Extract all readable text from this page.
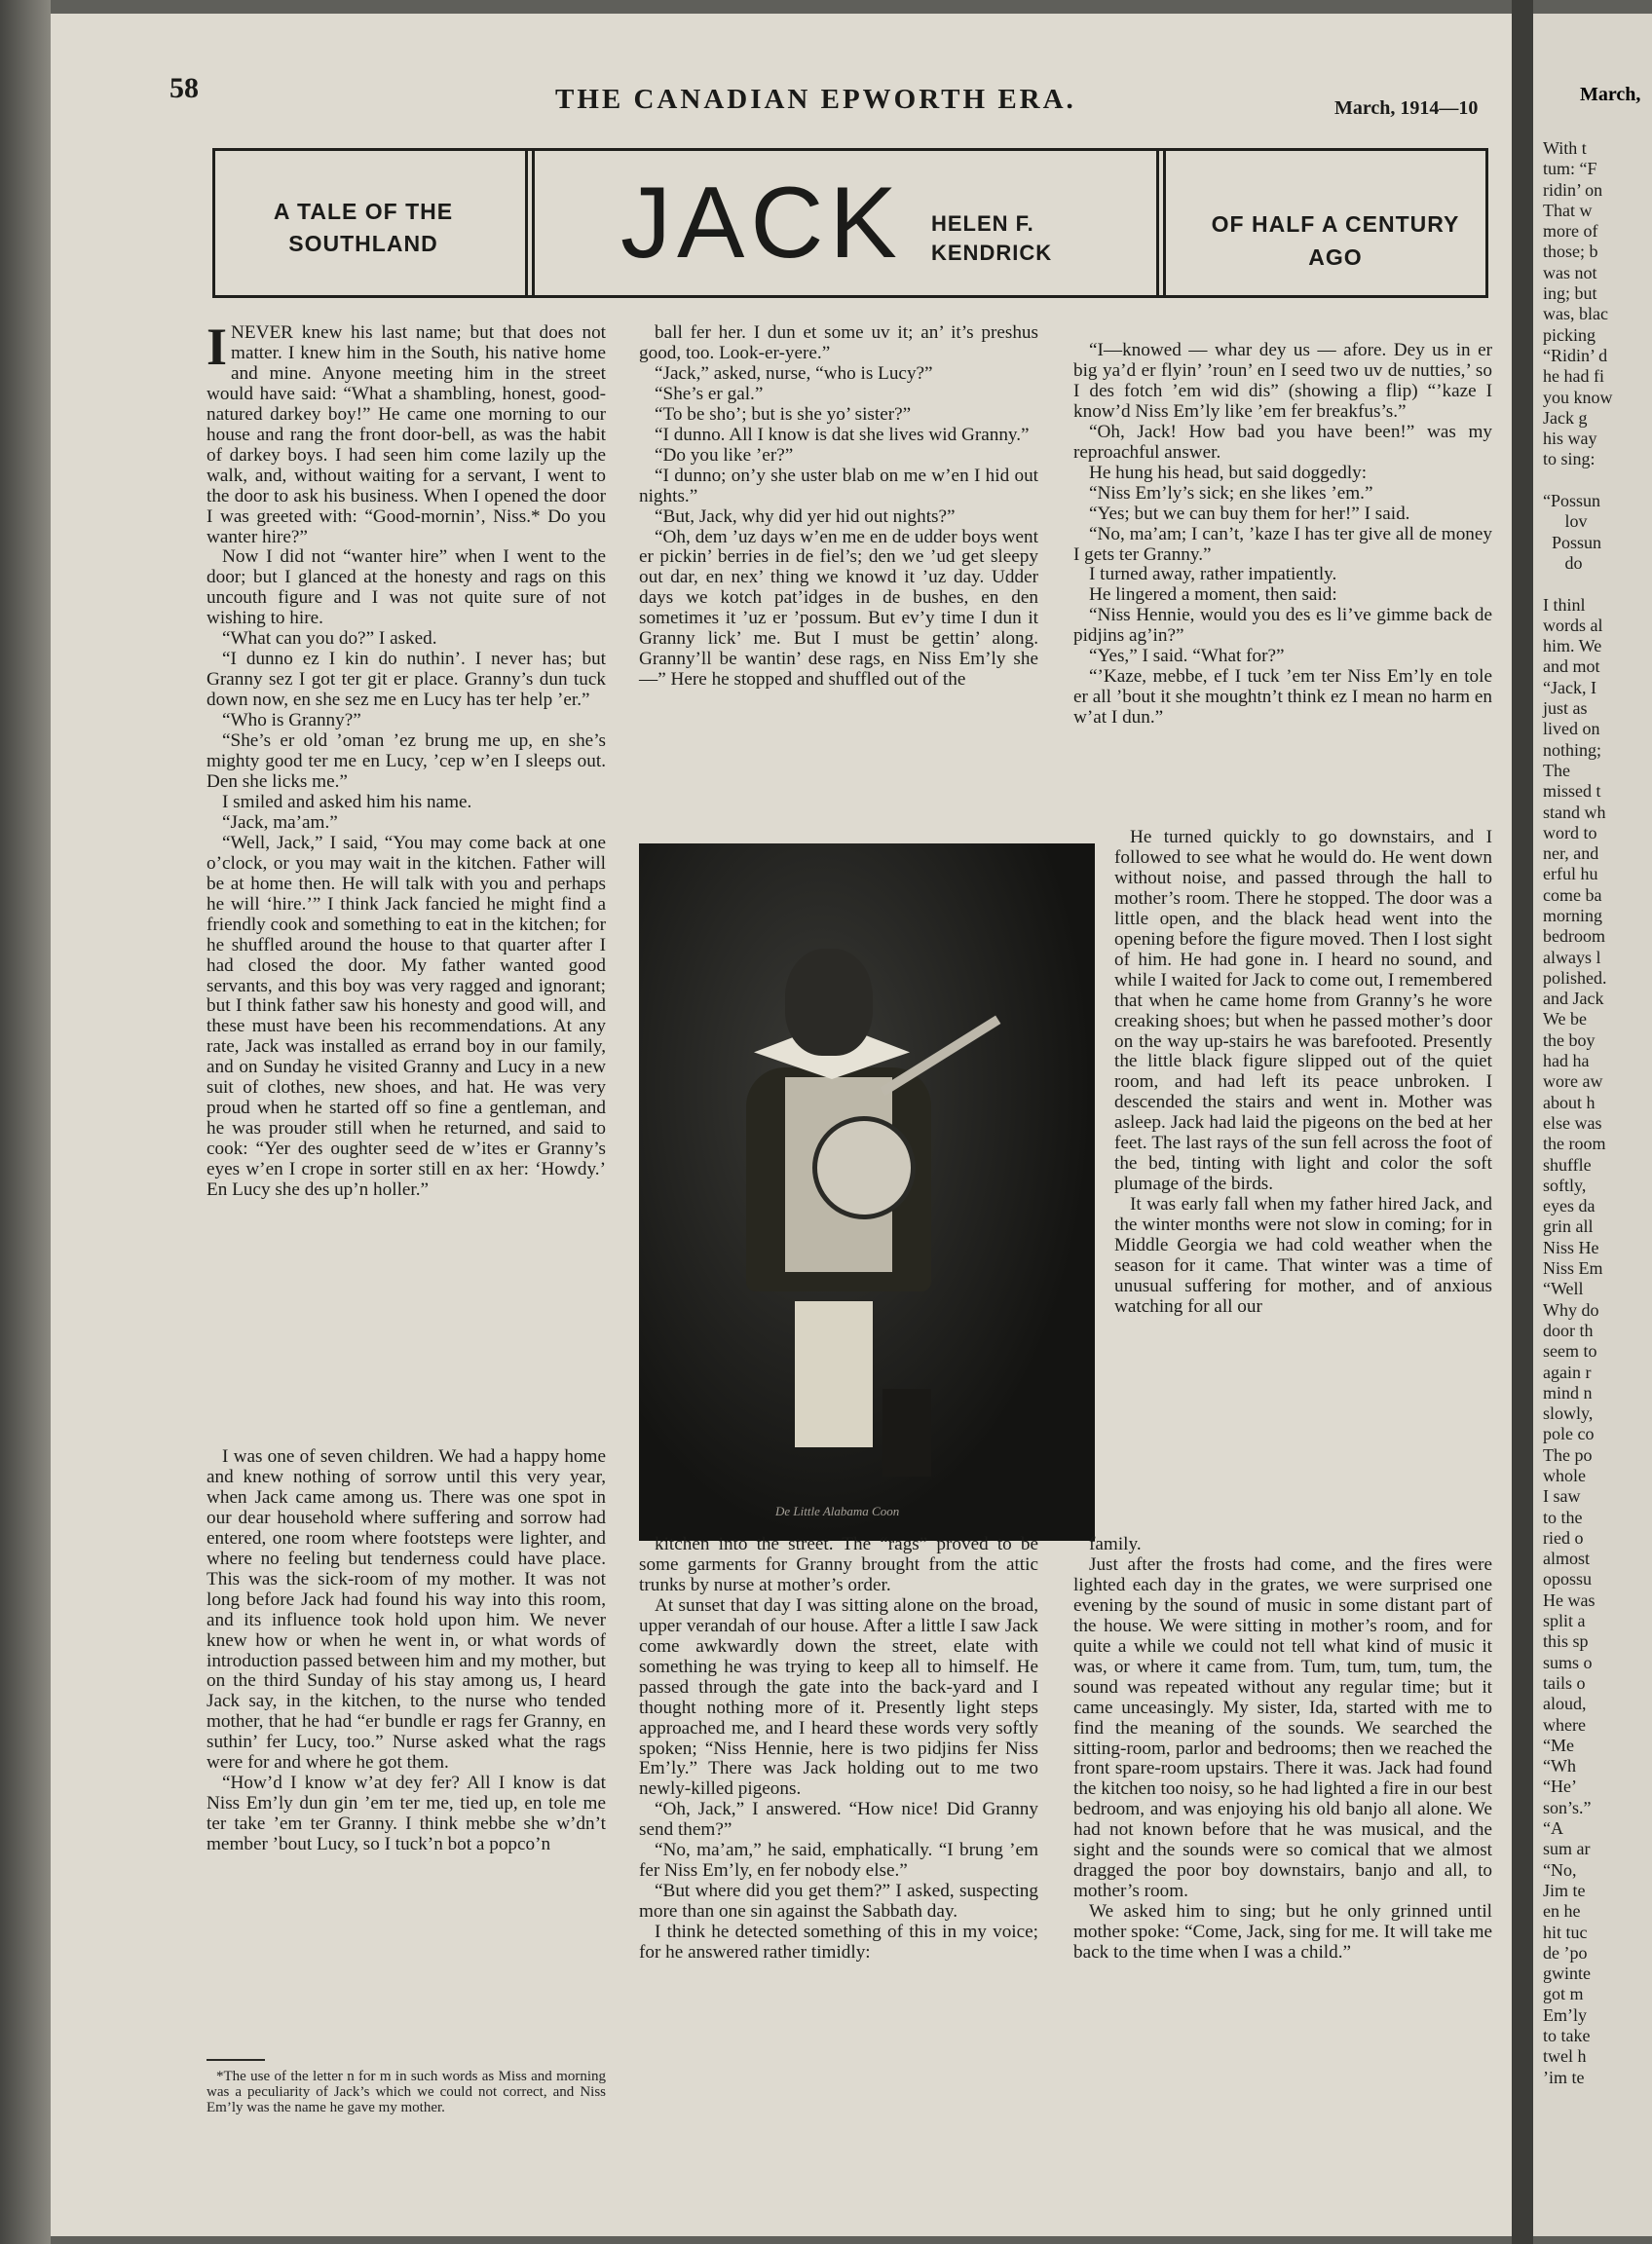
58	THE CANADIAN EPWORTH ERA.	March, 1914—10
A TALE OF THE SOUTHLAND	JACK HELEN F. KENDRICK
OF HALF A CENTURY AGO

I NEVER knew his last name; but that does not matter. I knew him in the South, his native home and mine. Anyone meeting him in the street would have said: “What a shambling, honest, good-natured darkey boy!” He came one morning to our house and rang the front door-bell, as was the habit of darkey boys. I had seen him come lazily up the walk, and, without waiting for a servant, I went to the door to ask his business. When I opened the door I was greeted with: “Good-mornin’, Niss.* Do you wanter hire?”

Now I did not “wanter hire” when I went to the door; but I glanced at the honesty and rags on this uncouth figure and I was not quite sure of not wishing to hire.

“What can you do?” I asked.

“I dunno ez I kin do nuthin’. I never has; but Granny sez I got ter git er place. Granny’s dun tuck down now, en she sez me en Lucy has ter help ’er.”

“Who is Granny?”

“She’s er old ’oman ’ez brung me up, en she’s mighty good ter me en Lucy, ’cep w’en I sleeps out. Den she licks me.”

I smiled and asked him his name.

“Jack, ma’am.”

“Well, Jack,” I said, “You may come back at one o’clock, or you may wait in the kitchen. Father will be at home then. He will talk with you and perhaps he will ‘hire.’” I think Jack fancied he might find a friendly cook and something to eat in the kitchen; for he shuffled around the house to that quarter after I had closed the door. My father wanted good servants, and this boy was very ragged and ignorant; but I think father saw his honesty and good will, and these must have been his recommendations. At any rate, Jack was installed as errand boy in our family, and on Sunday he visited Granny and Lucy in a new suit of clothes, new shoes, and hat. He was very proud when he started off so fine a gentleman, and he was prouder still when he returned, and said to cook: “Yer des oughter seed de w’ites er Granny’s eyes w’en I crope in sorter still en ax her: ‘Howdy.’ En Lucy she des up’n holler.”

I was one of seven children. We had a happy home and knew nothing of sorrow until this very year, when Jack came among us. There was one spot in our dear household where suffering and sorrow had entered, one room where footsteps were lighter, and where no feeling but tenderness could have place. This was the sick-room of my mother. It was not long before Jack had found his way into this room, and its influence took hold upon him. We never knew how or when he went in, or what words of introduction passed between him and my mother, but on the third Sunday of his stay among us, I heard Jack say, in the kitchen, to the nurse who tended mother, that he had “er bundle er rags fer Granny, en suthin’ fer Lucy, too.” Nurse asked what the rags were for and where he got them.

“How’d I know w’at dey fer? All I know is dat Niss Em’ly dun gin ’em ter me, tied up, en tole me ter take ’em ter Granny. I think mebbe she w’dn’t member ’bout Lucy, so I tuck’n bot a popco’n

*The use of the letter n for m in such words as Miss and morning was a peculiarity of Jack’s which we could not correct, and Niss Em’ly was the name he gave my mother.

ball fer her. I dun et some uv it; an’ it’s preshus good, too. Look-er-yere.”

“Jack,” asked, nurse, “who is Lucy?”

“She’s er gal.”

“To be sho’; but is she yo’ sister?”

“I dunno. All I know is dat she lives wid Granny.”

“Do you like ’er?”

“I dunno; on’y she uster blab on me w’en I hid out nights.”

“But, Jack, why did yer hid out nights?”

“Oh, dem ’uz days w’en me en de udder boys went er pickin’ berries in de fiel’s; den we ’ud get sleepy out dar, en nex’ thing we knowd it ’uz day. Udder days we kotch pat’idges in de bushes, en den sometimes it ’uz er ’possum. But ev’y time I dun it Granny lick’ me. But I must be gettin’ along. Granny’ll be wantin’ dese rags, en Niss Em’ly she—” Here he stopped and shuffled out of the

De Little Alabama Coon

kitchen into the street. The “rags” proved to be some garments for Granny brought from the attic trunks by nurse at mother’s order.

At sunset that day I was sitting alone on the broad, upper verandah of our house. After a little I saw Jack come awkwardly down the street, elate with something he was trying to keep all to himself. He passed through the gate into the back-yard and I thought nothing more of it. Presently light steps approached me, and I heard these words very softly spoken; “Niss Hennie, here is two pidjins fer Niss Em’ly.” There was Jack holding out to me two newly-killed pigeons.

“Oh, Jack,” I answered. “How nice! Did Granny send them?”

“No, ma’am,” he said, emphatically. “I brung ’em fer Niss Em’ly, en fer nobody else.”

“But where did you get them?” I asked, suspecting more than one sin against the Sabbath day.

I think he detected something of this in my voice; for he answered rather timidly:

“I—knowed — whar dey us — afore. Dey us in er big ya’d er flyin’ ’roun’ en I seed two uv de nutties,’ so I des fotch ’em wid dis” (showing a flip) “’kaze I know’d Niss Em’ly like ’em fer breakfus’s.”

“Oh, Jack! How bad you have been!” was my reproachful answer.

He hung his head, but said doggedly:

“Niss Em’ly’s sick; en she likes ’em.”

“Yes; but we can buy them for her!” I said.

“No, ma’am; I can’t, ’kaze I has ter give all de money I gets ter Granny.”

I turned away, rather impatiently.

He lingered a moment, then said:

“Niss Hennie, would you des es li’ve gimme back de pidjins ag’in?”

“Yes,” I said. “What for?”

“’Kaze, mebbe, ef I tuck ’em ter Niss Em’ly en tole er all ’bout it she moughtn’t think ez I mean no harm en w’at I dun.”

He turned quickly to go downstairs, and I followed to see what he would do. He went down without noise, and passed through the hall to mother’s room. There he stopped. The door was a little open, and the black head went into the opening before the figure moved. Then I lost sight of him. He had gone in. I heard no sound, and while I waited for Jack to come out, I remembered that when he came home from Granny’s he wore creaking shoes; but when he passed mother’s door on the way up-stairs he was barefooted. Presently the little black figure slipped out of the quiet room, and had left its peace unbroken. I descended the stairs and went in. Mother was asleep. Jack had laid the pigeons on the bed at her feet. The last rays of the sun fell across the foot of the bed, tinting with light and color the soft plumage of the birds.

It was early fall when my father hired Jack, and the winter months were not slow in coming; for in Middle Georgia we had cold weather when the season for it came. That winter was a time of unusual suffering for mother, and of anxious watching for all our

family.

Just after the frosts had come, and the fires were lighted each day in the grates, we were surprised one evening by the sound of music in some distant part of the house. We were sitting in mother’s room, and for quite a while we could not tell what kind of music it was, or where it came from. Tum, tum, tum, tum, the sound was repeated without any regular time; but it came unceasingly. My sister, Ida, started with me to find the meaning of the sounds. We searched the sitting-room, parlor and bedrooms; then we reached the front spare-room upstairs. There it was. Jack had found the kitchen too noisy, so he had lighted a fire in our best bedroom, and was enjoying his old banjo all alone. We had not known before that he was musical, and the sight and the sounds were so comical that we almost dragged the poor boy downstairs, banjo and all, to mother’s room.

We asked him to sing; but he only grinned until mother spoke: “Come, Jack, sing for me. It will take me back to the time when I was a child.”

March,
With t
tum: “F
ridin’ on
That w
more of
those; b
was not
ing; but
was, blac
picking
“Ridin’ d
he had fi
you know
Jack g
his way
to sing:

“Possun
lov
Possun
do

I thinl
words al
him. We
and mot
“Jack, I
just as
lived on
nothing;
The
missed t
stand wh
word to
ner, and
erful hu
come ba
morning
bedroom
always l
polished.
and Jack
We be
the boy
had ha
wore aw
about h
else was
the room
shuffle
softly,
eyes da
grin all
Niss He
Niss Em
“Well
Why do
door th
seem to
again r
mind n
slowly,
pole co
The po
whole
I saw
to the
ried o
almost
opossu
He was
split a
this sp
sums o
tails o
aloud,
where
“Me
“Wh
“He’
son’s.”
“A
sum ar
“No,
Jim te
en he
hit tuc
de ’po
gwinte
got m
Em’ly
to take
twel h
’im te
